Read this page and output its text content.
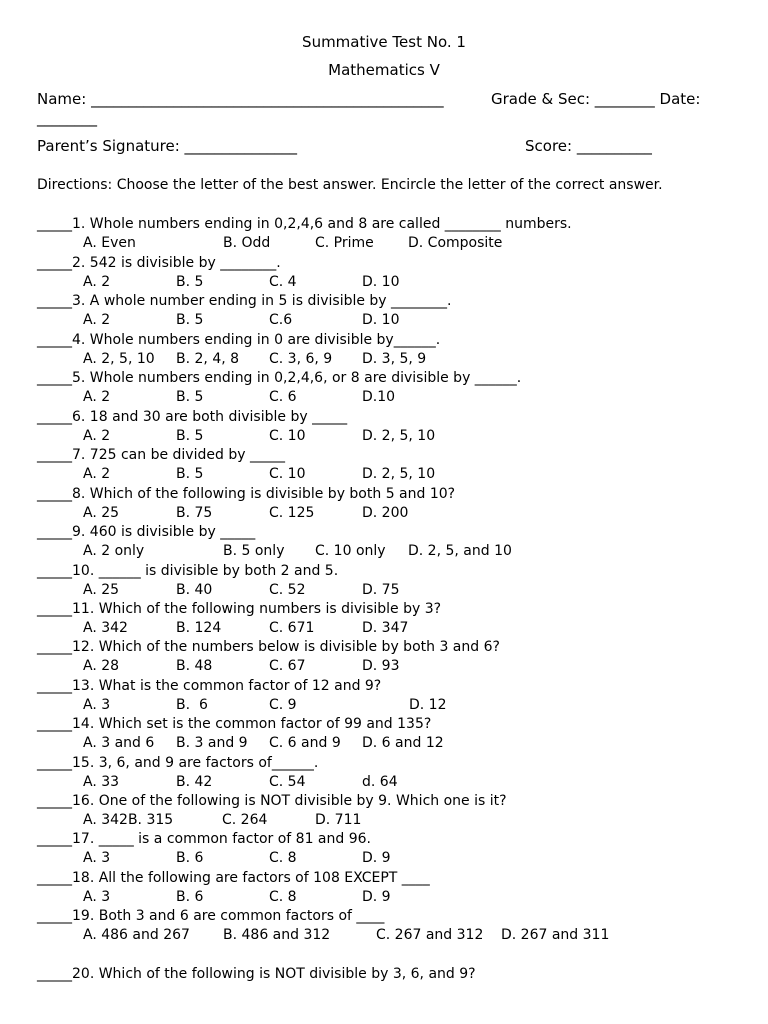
Summative Test No. 1
Mathematics V
Name: _______________________________________________	Grade & Sec: ________ Date:
________
Parent’s Signature: _______________	Score: __________
Directions: Choose the letter of the best answer. Encircle the letter of the correct answer.
_____1. Whole numbers ending in 0,2,4,6 and 8 are called ________ numbers.
A. Even	B. Odd	C. Prime D. Composite
_____2. 542 is divisible by ________.
A. 2	B. 5	C. 4	D. 10
_____3. A whole number ending in 5 is divisible by ________.
A. 2	B. 5	C.6	D. 10
_____4. Whole numbers ending in 0 are divisible by______.
A. 2, 5, 10 B. 2, 4, 8 C. 3, 6, 9 D. 3, 5, 9
_____5. Whole numbers ending in 0,2,4,6, or 8 are divisible by ______.
A. 2	B. 5	C. 6	D.10
_____6. 18 and 30 are both divisible by _____
A. 2	B. 5	C. 10	D. 2, 5, 10
_____7. 725 can be divided by _____
A. 2	B. 5	C. 10	D. 2, 5, 10
_____8. Which of the following is divisible by both 5 and 10?
A. 25	B. 75	C. 125	D. 200
_____9. 460 is divisible by _____
A. 2 only	B. 5 only C. 10 only D. 2, 5, and 10
_____10. ______ is divisible by both 2 and 5.
A. 25	B. 40	C. 52	D. 75
_____11. Which of the following numbers is divisible by 3?
A. 342	B. 124	C. 671	D. 347
_____12. Which of the numbers below is divisible by both 3 and 6?
A. 28	B. 48	C. 67	D. 93
_____13. What is the common factor of 12 and 9?
A. 3	B.  6	C. 9	D. 12
_____14. Which set is the common factor of 99 and 135?
A. 3 and 6 B. 3 and 9 C. 6 and 9 D. 6 and 12
_____15. 3, 6, and 9 are factors of______.
A. 33	B. 42	C. 54	d. 64
_____16. One of the following is NOT divisible by 9. Which one is it?
A. 342B. 315	C. 264	D. 711
_____17. _____ is a common factor of 81 and 96.
A. 3	B. 6	C. 8	D. 9
_____18. All the following are factors of 108 EXCEPT ____
A. 3	B. 6	C. 8	D. 9
_____19. Both 3 and 6 are common factors of ____
A. 486 and 267 B. 486 and 312	C. 267 and 312 D. 267 and 311
_____20. Which of the following is NOT divisible by 3, 6, and 9?
